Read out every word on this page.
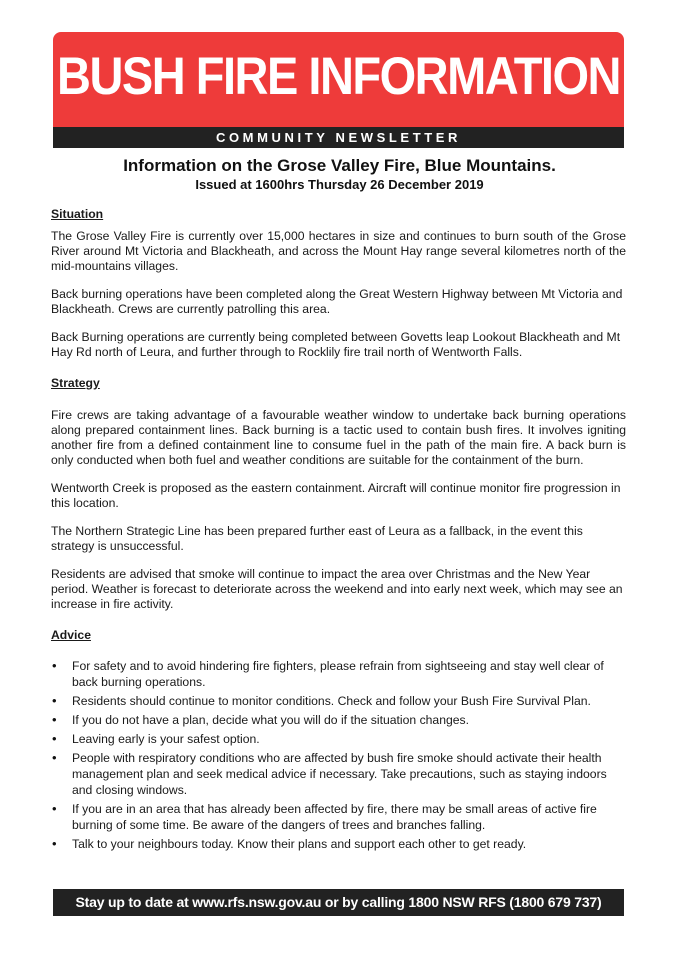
BUSH FIRE INFORMATION
COMMUNITY NEWSLETTER
Information on the Grose Valley Fire, Blue Mountains.
Issued at 1600hrs Thursday 26 December 2019
Situation

The Grose Valley Fire is currently over 15,000 hectares in size and continues to burn south of the Grose River around Mt Victoria and Blackheath, and across the Mount Hay range several kilometres north of the mid-mountains villages.

Back burning operations have been completed along the Great Western Highway between Mt Victoria and Blackheath. Crews are currently patrolling this area.

Back Burning operations are currently being completed between Govetts leap Lookout Blackheath and Mt Hay Rd north of Leura, and further through to Rocklily fire trail north of Wentworth Falls.

Strategy

Fire crews are taking advantage of a favourable weather window to undertake back burning operations along prepared containment lines. Back burning is a tactic used to contain bush fires. It involves igniting another fire from a defined containment line to consume fuel in the path of the main fire. A back burn is only conducted when both fuel and weather conditions are suitable for the containment of the burn.

Wentworth Creek is proposed as the eastern containment. Aircraft will continue monitor fire progression in this location.

The Northern Strategic Line has been prepared further east of Leura as a fallback, in the event this strategy is unsuccessful.

Residents are advised that smoke will continue to impact the area over Christmas and the New Year period. Weather is forecast to deteriorate across the weekend and into early next week, which may see an increase in fire activity.

Advice
• For safety and to avoid hindering fire fighters, please refrain from sightseeing and stay well clear of back burning operations.
• Residents should continue to monitor conditions. Check and follow your Bush Fire Survival Plan.
• If you do not have a plan, decide what you will do if the situation changes.
• Leaving early is your safest option.
• People with respiratory conditions who are affected by bush fire smoke should activate their health management plan and seek medical advice if necessary. Take precautions, such as staying indoors and closing windows.
• If you are in an area that has already been affected by fire, there may be small areas of active fire burning of some time. Be aware of the dangers of trees and branches falling.
• Talk to your neighbours today. Know their plans and support each other to get ready.
Stay up to date at www.rfs.nsw.gov.au or by calling 1800 NSW RFS (1800 679 737)
